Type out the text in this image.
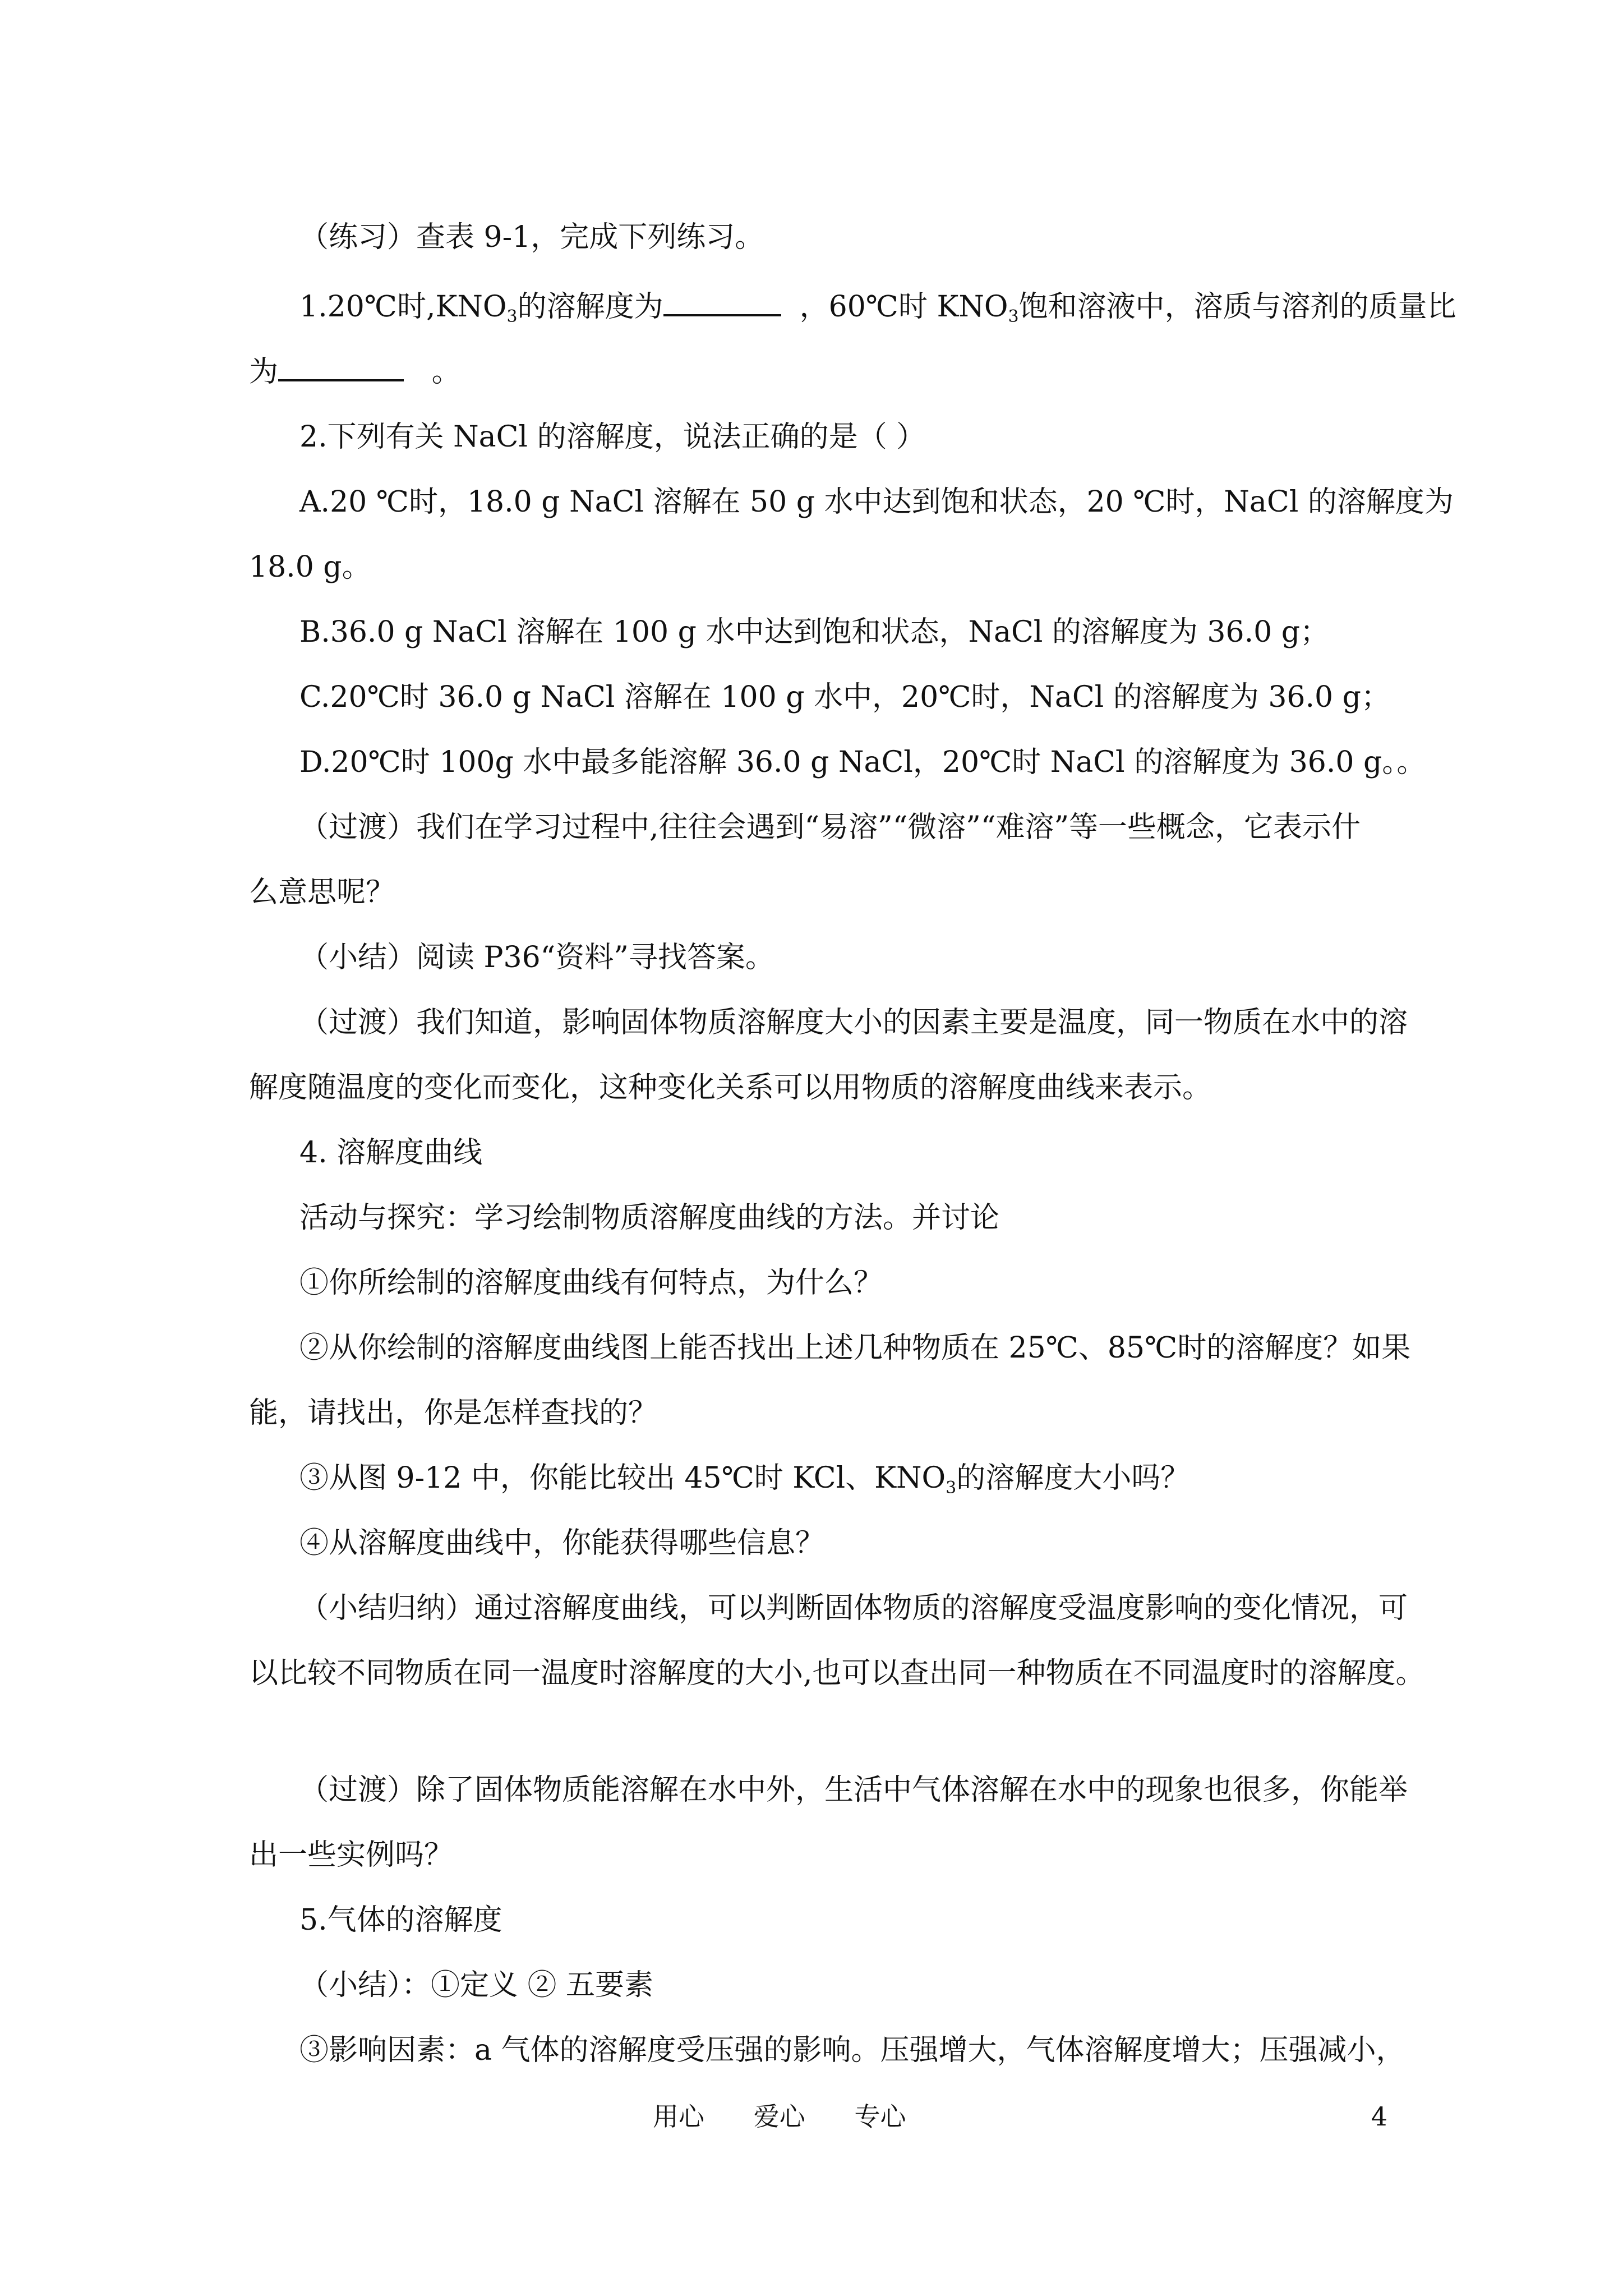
（练习）查表 9-1，完成下列练习。
1.20℃时$,KNO_3$的溶解度为	，60℃时 $KNO_3$饱和溶液中，溶质与溶剂的质量比
为	。
2.下列有关 NaCl 的溶解度，说法正确的是（ ）
A.20 ℃时，18.0 g NaCl 溶解在 50 g 水中达到饱和状态，20 ℃时，NaCl 的溶解度为
18.0 g。
B.36.0 g NaCl 溶解在 100 g 水中达到饱和状态，NaCl 的溶解度为 36.0 g；
C.20℃时 36.0 g NaCl 溶解在 100 g 水中，20℃时，NaCl 的溶解度为 36.0 g；
D.20℃时 100g 水中最多能溶解 36.0 g NaCl，20℃时 NaCl 的溶解度为 36.0 g。。
（过渡）我们在学习过程中,往往会遇到“易溶”“微溶”“难溶”等一些概念，它表示什
么意思呢？
（小结）阅读 P36“资料”寻找答案。
（过渡）我们知道，影响固体物质溶解度大小的因素主要是温度，同一物质在水中的溶
解度随温度的变化而变化，这种变化关系可以用物质的溶解度曲线来表示。
4. 溶解度曲线
活动与探究：学习绘制物质溶解度曲线的方法。并讨论
①你所绘制的溶解度曲线有何特点，为什么？
②从你绘制的溶解度曲线图上能否找出上述几种物质在 25℃、85℃时的溶解度？如果
能，请找出，你是怎样查找的？
③从图 9-12 中，你能比较出 45℃时 KCl、$KNO_3$的溶解度大小吗？
④从溶解度曲线中，你能获得哪些信息？
（小结归纳）通过溶解度曲线，可以判断固体物质的溶解度受温度影响的变化情况，可
以比较不同物质在同一温度时溶解度的大小,也可以查出同一种物质在不同温度时的溶解度。
（过渡）除了固体物质能溶解在水中外，生活中气体溶解在水中的现象也很多，你能举
出一些实例吗？
5.气体的溶解度
（小结）：①定义 ② 五要素
③影响因素：a 气体的溶解度受压强的影响。压强增大，气体溶解度增大；压强减小，
用心      爱心      专心	4
